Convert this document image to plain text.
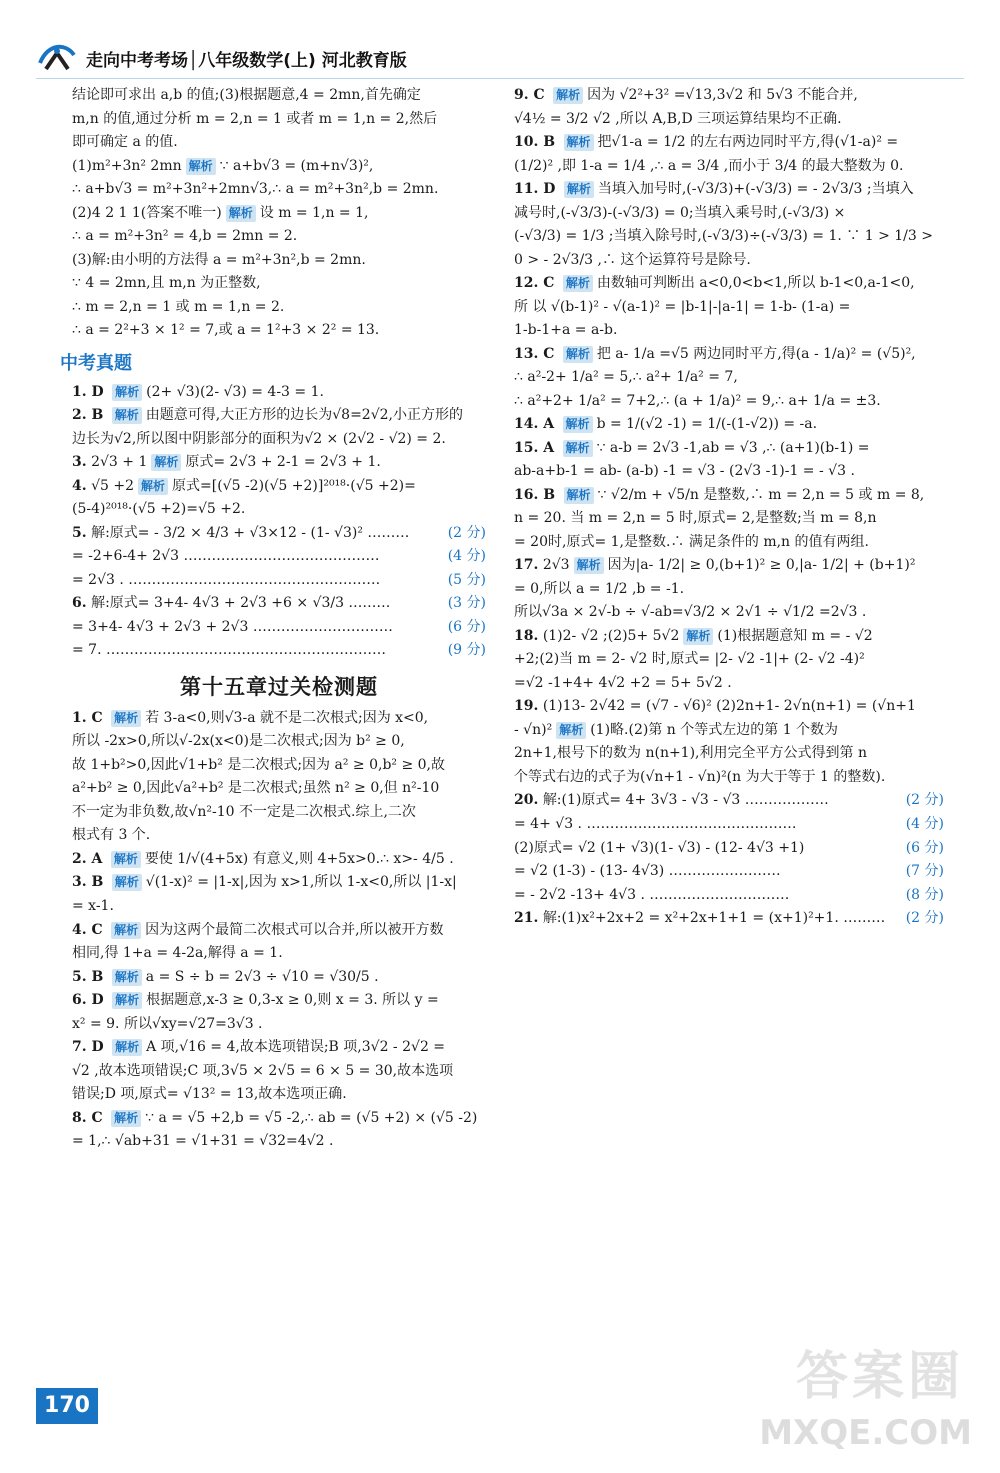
走向中考考场│八年级数学(上) 河北教育版
结论即可求出 a,b 的值;(3)根据题意,4 = 2mn,首先确定
m,n 的值,通过分析 m = 2,n = 1 或者 m = 1,n = 2,然后
即可确定 a 的值.
(1)m²+3n² 2mn 解析 ∵ a+b√3 = (m+n√3)²,
∴ a+b√3 = m²+3n²+2mn√3,∴ a = m²+3n²,b = 2mn.
(2)4 2 1 1(答案不唯一) 解析 设 m = 1,n = 1,
∴ a = m²+3n² = 4,b = 2mn = 2.
(3)解:由小明的方法得 a = m²+3n²,b = 2mn.
∵ 4 = 2mn,且 m,n 为正整数,
∴ m = 2,n = 1 或 m = 1,n = 2.
∴ a = 2²+3 × 1² = 7,或 a = 1²+3 × 2² = 13.
中考真题
1. D 解析 (2+ √3)(2- √3) = 4-3 = 1.
2. B 解析 由题意可得,大正方形的边长为√8=2√2,小正方形的
边长为√2,所以图中阴影部分的面积为√2 × (2√2 - √2) = 2.
3. 2√3 + 1 解析 原式= 2√3 + 2-1 = 2√3 + 1.
4. √5 +2 解析 原式=[(√5 -2)(√5 +2)]²⁰¹⁸·(√5 +2)=
(5-4)²⁰¹⁸·(√5 +2)=√5 +2.
5. 解:原式= - 3/2 × 4/3 + √3×12 - (1- √3)² ………	(2 分)
= -2+6-4+ 2√3 ……………………………………	(4 分)
= 2√3 . ………………………………………………	(5 分)
6. 解:原式= 3+4- 4√3 + 2√3 +6 × √3/3 ………	(3 分)
= 3+4- 4√3 + 2√3 + 2√3 …………………………	(6 分)
= 7. ……………………………………………………	(9 分)
第十五章过关检测题
1. C 解析 若 3-a<0,则√3-a 就不是二次根式;因为 x<0,
所以 -2x>0,所以√-2x(x<0)是二次根式;因为 b² ≥ 0,
故 1+b²>0,因此√1+b² 是二次根式;因为 a² ≥ 0,b² ≥ 0,故
a²+b² ≥ 0,因此√a²+b² 是二次根式;虽然 n² ≥ 0,但 n²-10
不一定为非负数,故√n²-10 不一定是二次根式.综上,二次
根式有 3 个.
2. A 解析 要使 1/√(4+5x) 有意义,则 4+5x>0.∴ x>- 4/5 .
3. B 解析 √(1-x)² = |1-x|,因为 x>1,所以 1-x<0,所以 |1-x|
= x-1.
4. C 解析 因为这两个最简二次根式可以合并,所以被开方数
相同,得 1+a = 4-2a,解得 a = 1.
5. B 解析 a = S ÷ b = 2√3 ÷ √10 = √30/5 .
6. D 解析 根据题意,x-3 ≥ 0,3-x ≥ 0,则 x = 3. 所以 y =
x² = 9. 所以√xy=√27=3√3 .
7. D 解析 A 项,√16 = 4,故本选项错误;B 项,3√2 - 2√2 =
√2 ,故本选项错误;C 项,3√5 × 2√5 = 6 × 5 = 30,故本选项
错误;D 项,原式= √13² = 13,故本选项正确.
8. C 解析 ∵ a = √5 +2,b = √5 -2,∴ ab = (√5 +2) × (√5 -2)
= 1,∴ √ab+31 = √1+31 = √32=4√2 .
9. C 解析 因为 √2²+3² =√13,3√2 和 5√3 不能合并,
√4½ = 3/2 √2 ,所以 A,B,D 三项运算结果均不正确.
10. B 解析 把√1-a = 1/2 的左右两边同时平方,得(√1-a)² =
(1/2)² ,即 1-a = 1/4 ,∴ a = 3/4 ,而小于 3/4 的最大整数为 0.
11. D 解析 当填入加号时,(-√3/3)+(-√3/3) = - 2√3/3 ;当填入
减号时,(-√3/3)-(-√3/3) = 0;当填入乘号时,(-√3/3) ×
(-√3/3) = 1/3 ;当填入除号时,(-√3/3)÷(-√3/3) = 1. ∵ 1 > 1/3 >
0 > - 2√3/3 ,∴ 这个运算符号是除号.
12. C 解析 由数轴可判断出 a<0,0<b<1,所以 b-1<0,a-1<0,
所 以 √(b-1)² - √(a-1)² = |b-1|-|a-1| = 1-b- (1-a) =
1-b-1+a = a-b.
13. C 解析 把 a- 1/a =√5 两边同时平方,得(a - 1/a)² = (√5)²,
∴ a²-2+ 1/a² = 5,∴ a²+ 1/a² = 7,
∴ a²+2+ 1/a² = 7+2,∴ (a + 1/a)² = 9,∴ a+ 1/a = ±3.
14. A 解析 b = 1/(√2 -1) = 1/(-(1-√2)) = -a.
15. A 解析 ∵ a-b = 2√3 -1,ab = √3 ,∴ (a+1)(b-1) =
ab-a+b-1 = ab- (a-b) -1 = √3 - (2√3 -1)-1 = - √3 .
16. B 解析 ∵ √2/m + √5/n 是整数,∴ m = 2,n = 5 或 m = 8,
n = 20. 当 m = 2,n = 5 时,原式= 2,是整数;当 m = 8,n
= 20时,原式= 1,是整数.∴ 满足条件的 m,n 的值有两组.
17. 2√3 解析 因为|a- 1/2| ≥ 0,(b+1)² ≥ 0,|a- 1/2| + (b+1)²
= 0,所以 a = 1/2 ,b = -1.
所以√3a × 2√-b ÷ √-ab=√3/2 × 2√1 ÷ √1/2 =2√3 .
18. (1)2- √2 ;(2)5+ 5√2 解析 (1)根据题意知 m = - √2
+2;(2)当 m = 2- √2 时,原式= |2- √2 -1|+ (2- √2 -4)²
=√2 -1+4+ 4√2 +2 = 5+ 5√2 .
19. (1)13- 2√42 = (√7 - √6)² (2)2n+1- 2√n(n+1) = (√n+1
- √n)² 解析 (1)略.(2)第 n 个等式左边的第 1 个数为
2n+1,根号下的数为 n(n+1),利用完全平方公式得到第 n
个等式右边的式子为(√n+1 - √n)²(n 为大于等于 1 的整数).
20. 解:(1)原式= 4+ 3√3 - √3 - √3 ………………	(2 分)
= 4+ √3 . ………………………………………	(4 分)
(2)原式= √2 (1+ √3)(1- √3) - (12- 4√3 +1)	(6 分)
= √2 (1-3) - (13- 4√3) ……………………	(7 分)
= - 2√2 -13+ 4√3 . …………………………	(8 分)
21. 解:(1)x²+2x+2 = x²+2x+1+1 = (x+1)²+1. ……… (2 分)
170	答案圈
MXQE.COM
